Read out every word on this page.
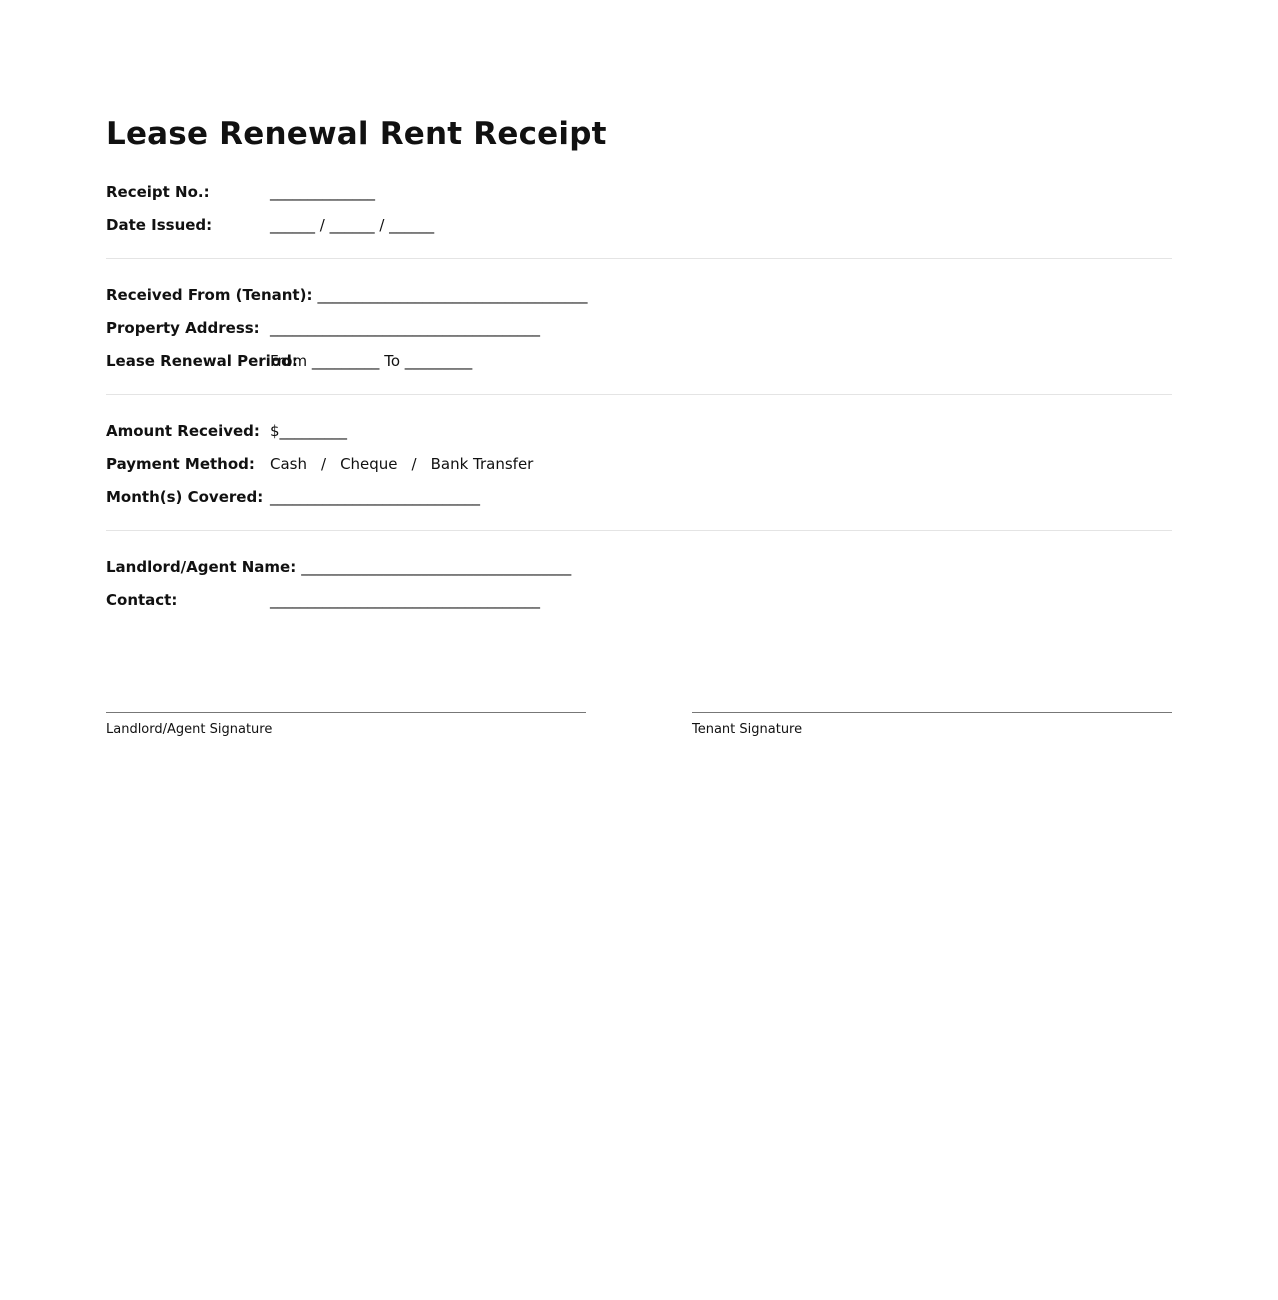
Lease Renewal Rent Receipt
Receipt No.:	______________
Date Issued:	______ / ______ / ______
Received From (Tenant): ____________________________________
Property Address: ____________________________________
Lease Renewal Period:
From _________ To _________
Amount Received: $_________
Payment Method: Cash / Cheque / Bank Transfer
Month(s) Covered: ____________________________
Landlord/Agent Name: ____________________________________
Contact:	____________________________________
Landlord/Agent Signature	Tenant Signature
